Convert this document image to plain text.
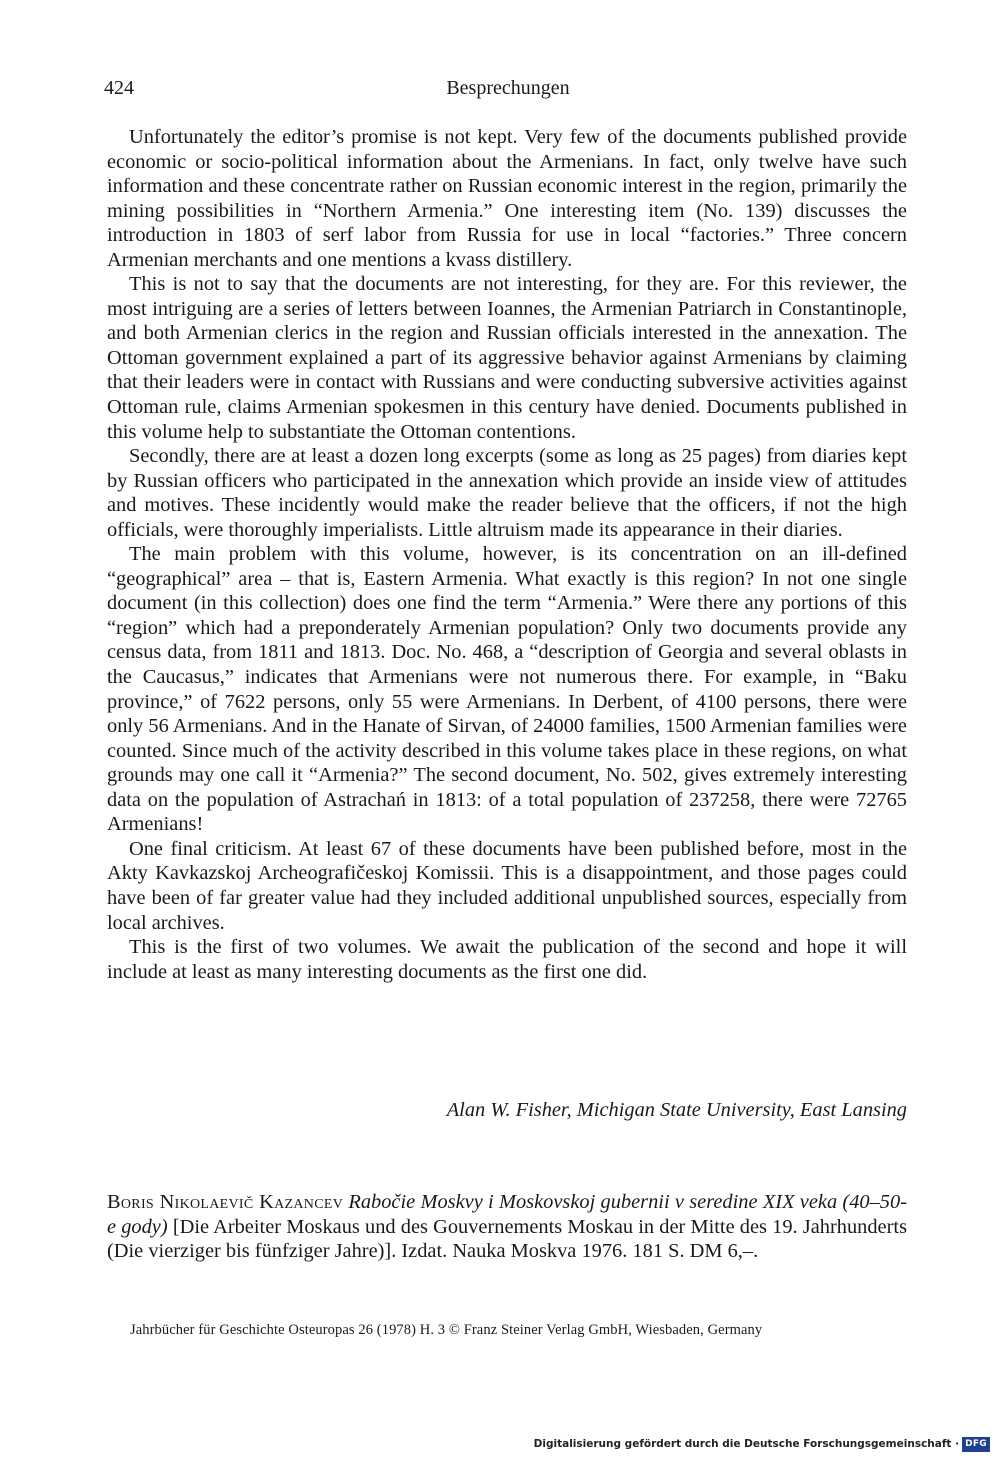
424	Besprechungen

Unfortunately the editor’s promise is not kept. Very few of the documents published provide economic or socio-political information about the Armenians. In fact, only twelve have such information and these concentrate rather on Russian economic interest in the region, primarily the mining possibilities in “Northern Armenia.” One interesting item (No. 139) discusses the introduction in 1803 of serf labor from Russia for use in local “factories.” Three concern Armenian merchants and one mentions a kvass distillery.

This is not to say that the documents are not interesting, for they are. For this reviewer, the most intriguing are a series of letters between Ioannes, the Armenian Patriarch in Constantinople, and both Armenian clerics in the region and Russian officials interested in the annexation. The Ottoman government explained a part of its aggressive behavior against Armenians by claiming that their leaders were in contact with Russians and were conducting subversive activities against Ottoman rule, claims Armenian spokesmen in this century have denied. Documents published in this volume help to substantiate the Ottoman contentions.

Secondly, there are at least a dozen long excerpts (some as long as 25 pages) from diaries kept by Russian officers who participated in the annexation which provide an inside view of attitudes and motives. These incidently would make the reader believe that the officers, if not the high officials, were thoroughly imperialists. Little altruism made its appearance in their diaries.

The main problem with this volume, however, is its concentration on an ill-defined “geographical” area – that is, Eastern Armenia. What exactly is this region? In not one single document (in this collection) does one find the term “Armenia.” Were there any portions of this “region” which had a preponderately Armenian population? Only two documents provide any census data, from 1811 and 1813. Doc. No. 468, a “description of Georgia and several oblasts in the Caucasus,” indicates that Armenians were not numerous there. For example, in “Baku province,” of 7622 persons, only 55 were Armenians. In Derbent, of 4100 persons, there were only 56 Armenians. And in the Hanate of Sirvan, of 24000 families, 1500 Armenian families were counted. Since much of the activity described in this volume takes place in these regions, on what grounds may one call it “Armenia?” The second document, No. 502, gives extremely interesting data on the population of Astrachań in 1813: of a total population of 237258, there were 72765 Armenians!

One final criticism. At least 67 of these documents have been published before, most in the Akty Kavkazskoj Archeografičeskoj Komissii. This is a disappointment, and those pages could have been of far greater value had they included additional unpublished sources, especially from local archives.

This is the first of two volumes. We await the publication of the second and hope it will include at least as many interesting documents as the first one did.

Alan W. Fisher, Michigan State University, East Lansing
Boris Nikolaevič Kazancev Rabočie Moskvy i Moskovskoj gubernii v seredine XIX veka (40–50-e gody) [Die Arbeiter Moskaus und des Gouvernements Moskau in der Mitte des 19. Jahrhunderts (Die vierziger bis fünfziger Jahre)]. Izdat. Nauka Moskva 1976. 181 S. DM 6,–.
Jahrbücher für Geschichte Osteuropas 26 (1978) H. 3 © Franz Steiner Verlag GmbH, Wiesbaden, Germany
Digitalisierung gefördert durch die Deutsche Forschungsgemeinschaft · DFG
